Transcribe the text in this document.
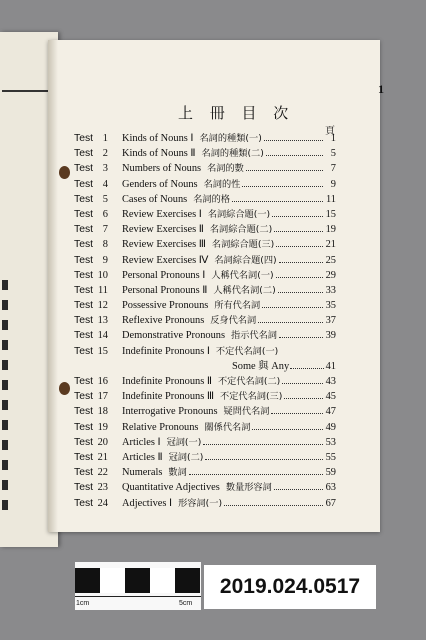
1
上 冊 目 次
頁
Test 1 Kinds of Nouns Ⅰ 名詞的種類(一)	1
Test 2 Kinds of Nouns Ⅱ 名詞的種類(二)	5
Test 3 Numbers of Nouns 名詞的數	7
Test 4 Genders of Nouns 名詞的性	9
Test 5 Cases of Nouns 名詞的格	11
Test 6 Review Exercises Ⅰ 名詞綜合題(一)	15
Test 7 Review Exercises Ⅱ 名詞綜合題(二)	19
Test 8 Review Exercises Ⅲ 名詞綜合題(三)	21
Test 9 Review Exercises Ⅳ 名詞綜合題(四)	25
Test 10 Personal Pronouns Ⅰ 人稱代名詞(一)	29
Test 11 Personal Pronouns Ⅱ 人稱代名詞(二)	33
Test 12 Possessive Pronouns 所有代名詞	35
Test 13 Reflexive Pronouns 反身代名詞	37
Test 14 Demonstrative Pronouns 指示代名詞	39
Test 15 Indefinite Pronouns Ⅰ 不定代名詞(一)
Some 與 Any	41
Test 16 Indefinite Pronouns Ⅱ 不定代名詞(二)	43
Test 17 Indefinite Pronouns Ⅲ 不定代名詞(三)	45
Test 18 Interrogative Pronouns 疑問代名詞	47
Test 19 Relative Pronouns 關係代名詞	49
Test 20 Articles Ⅰ 冠詞(一)	53
Test 21 Articles Ⅱ 冠詞(二)	55
Test 22 Numerals 數詞	59
Test 23 Quantitative Adjectives 數量形容詞	63
Test 24 Adjectives Ⅰ 形容詞(一)	67
1cm	5cm
2019.024.0517
